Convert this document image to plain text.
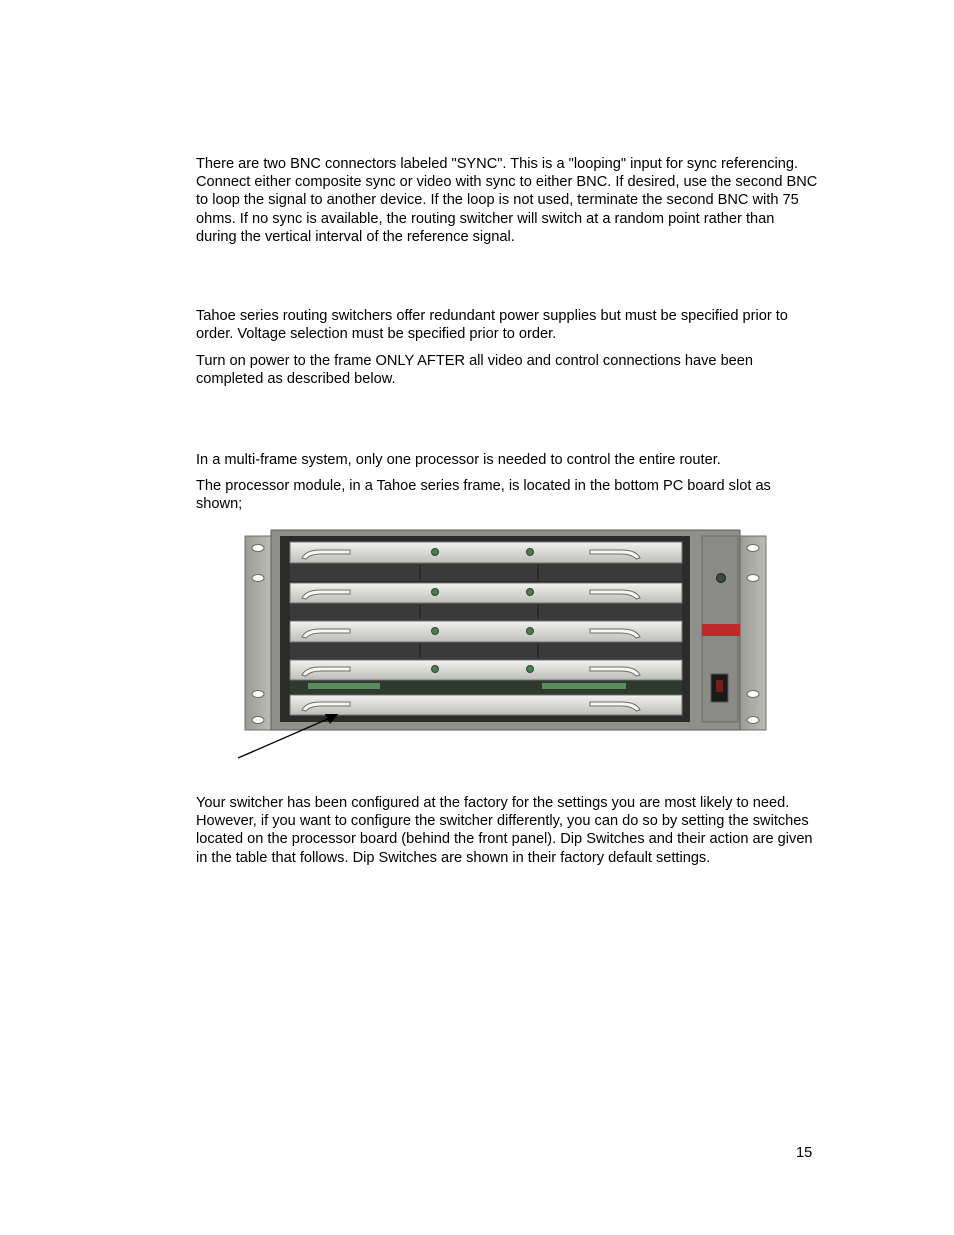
There are two BNC connectors labeled "SYNC". This is a "looping" input for sync referencing. Connect either composite sync or video with sync to either BNC. If desired, use the second BNC to loop the signal to another device. If the loop is not used, terminate the second BNC with 75 ohms. If no sync is available, the routing switcher will switch at a random point rather than during the vertical interval of the reference signal.

Tahoe series routing switchers offer redundant power supplies but must be specified prior to order. Voltage selection must be specified prior to order.

Turn on power to the frame ONLY AFTER all video and control connections have been completed as described below.

In a multi-frame system, only one processor is needed to control the entire router.

The processor module, in a Tahoe series frame, is located in the bottom PC board slot as shown;

Your switcher has been configured at the factory for the settings you are most likely to need. However, if you want to configure the switcher differently, you can do so by setting the switches located on the processor board (behind the front panel). Dip Switches and their action are given in the table that follows. Dip Switches are shown in their factory default settings.

15
